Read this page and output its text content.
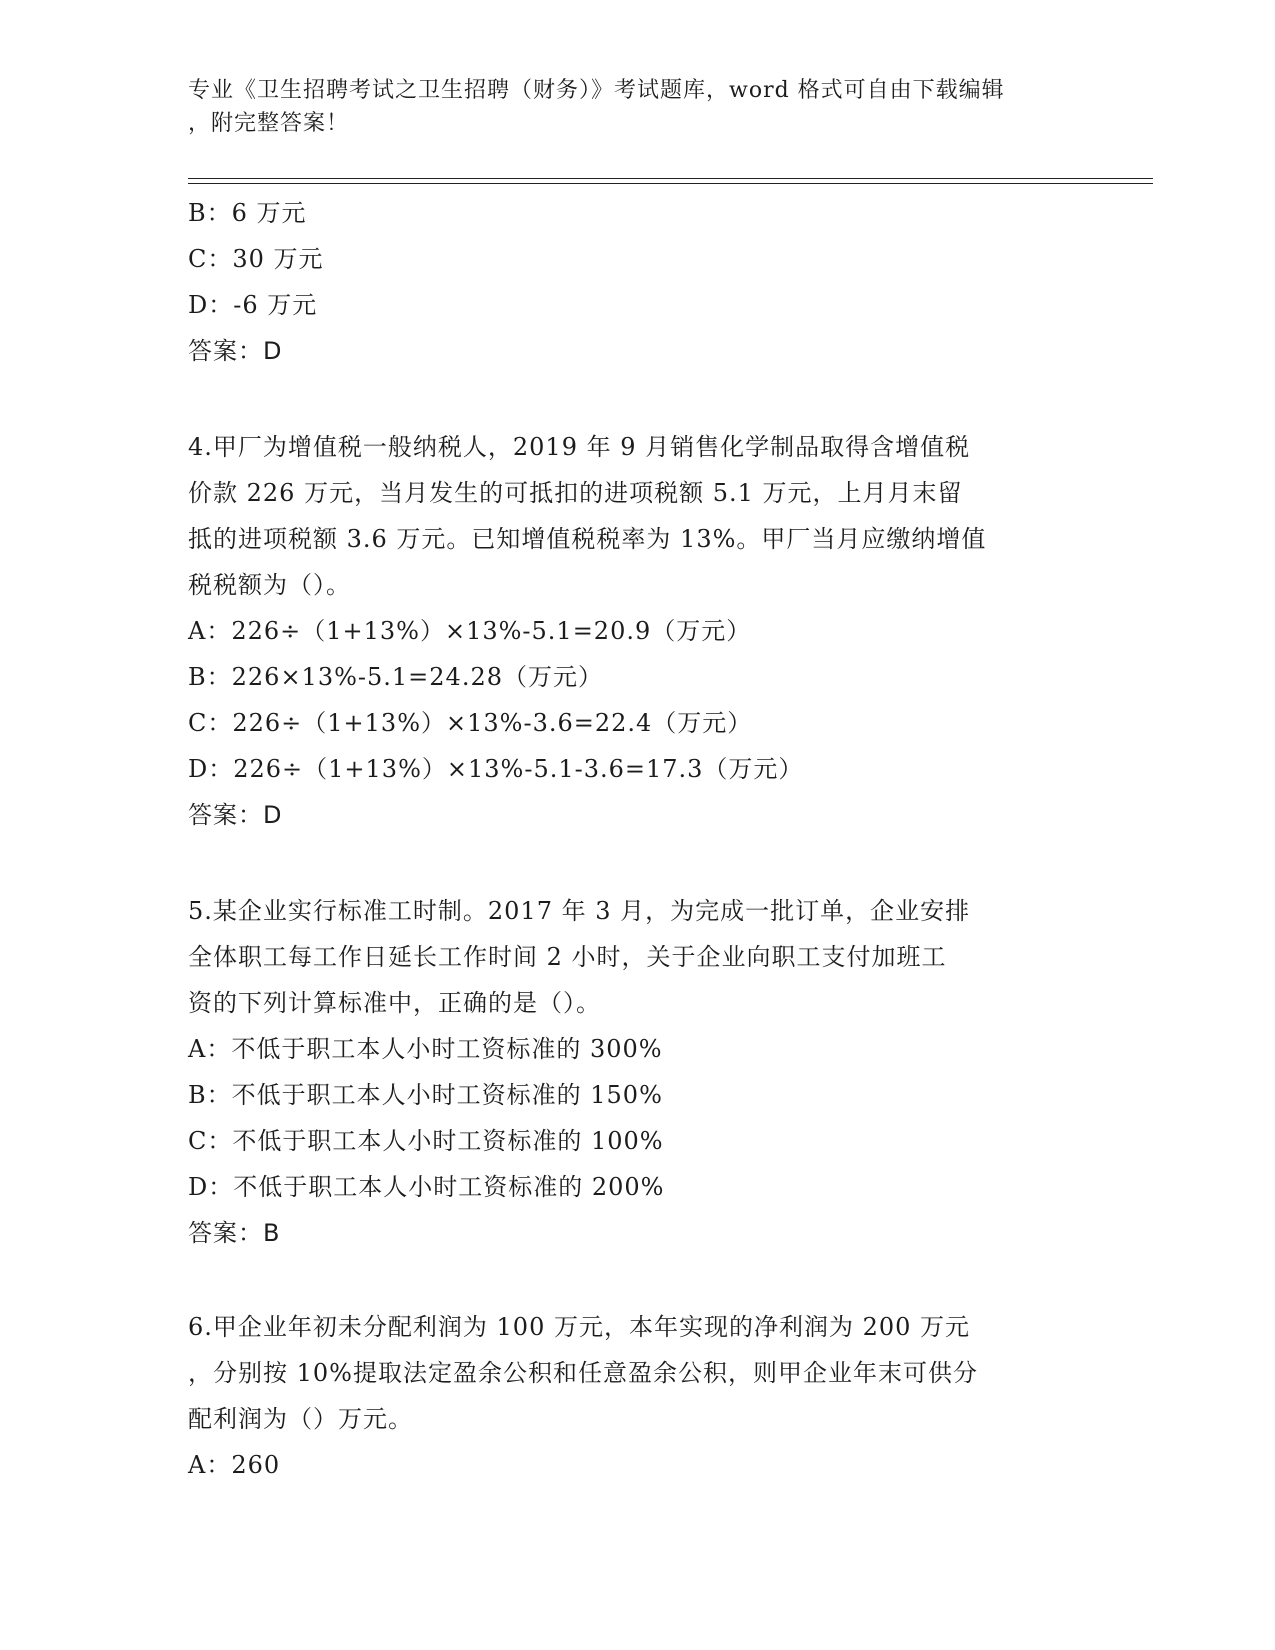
专业《卫生招聘考试之卫生招聘（财务）》考试题库，word 格式可自由下载编辑

，附完整答案！

B：6 万元
C：30 万元
D：-6 万元
答案：D
4.甲厂为增值税一般纳税人，2019 年 9 月销售化学制品取得含增值税
价款 226 万元，当月发生的可抵扣的进项税额 5.1 万元，上月月末留
抵的进项税额 3.6 万元。已知增值税税率为 13%。甲厂当月应缴纳增值
税税额为（）。
A：226÷（1+13%）×13%-5.1=20.9（万元）
B：226×13%-5.1=24.28（万元）
C：226÷（1+13%）×13%-3.6=22.4（万元）
D：226÷（1+13%）×13%-5.1-3.6=17.3（万元）
答案：D
5.某企业实行标准工时制。2017 年 3 月，为完成一批订单，企业安排
全体职工每工作日延长工作时间 2 小时，关于企业向职工支付加班工
资的下列计算标准中，正确的是（）。
A：不低于职工本人小时工资标准的 300%
B：不低于职工本人小时工资标准的 150%
C：不低于职工本人小时工资标准的 100%
D：不低于职工本人小时工资标准的 200%
答案：B
6.甲企业年初未分配利润为 100 万元，本年实现的净利润为 200 万元
，分别按 10%提取法定盈余公积和任意盈余公积，则甲企业年末可供分
配利润为（）万元。
A：260
